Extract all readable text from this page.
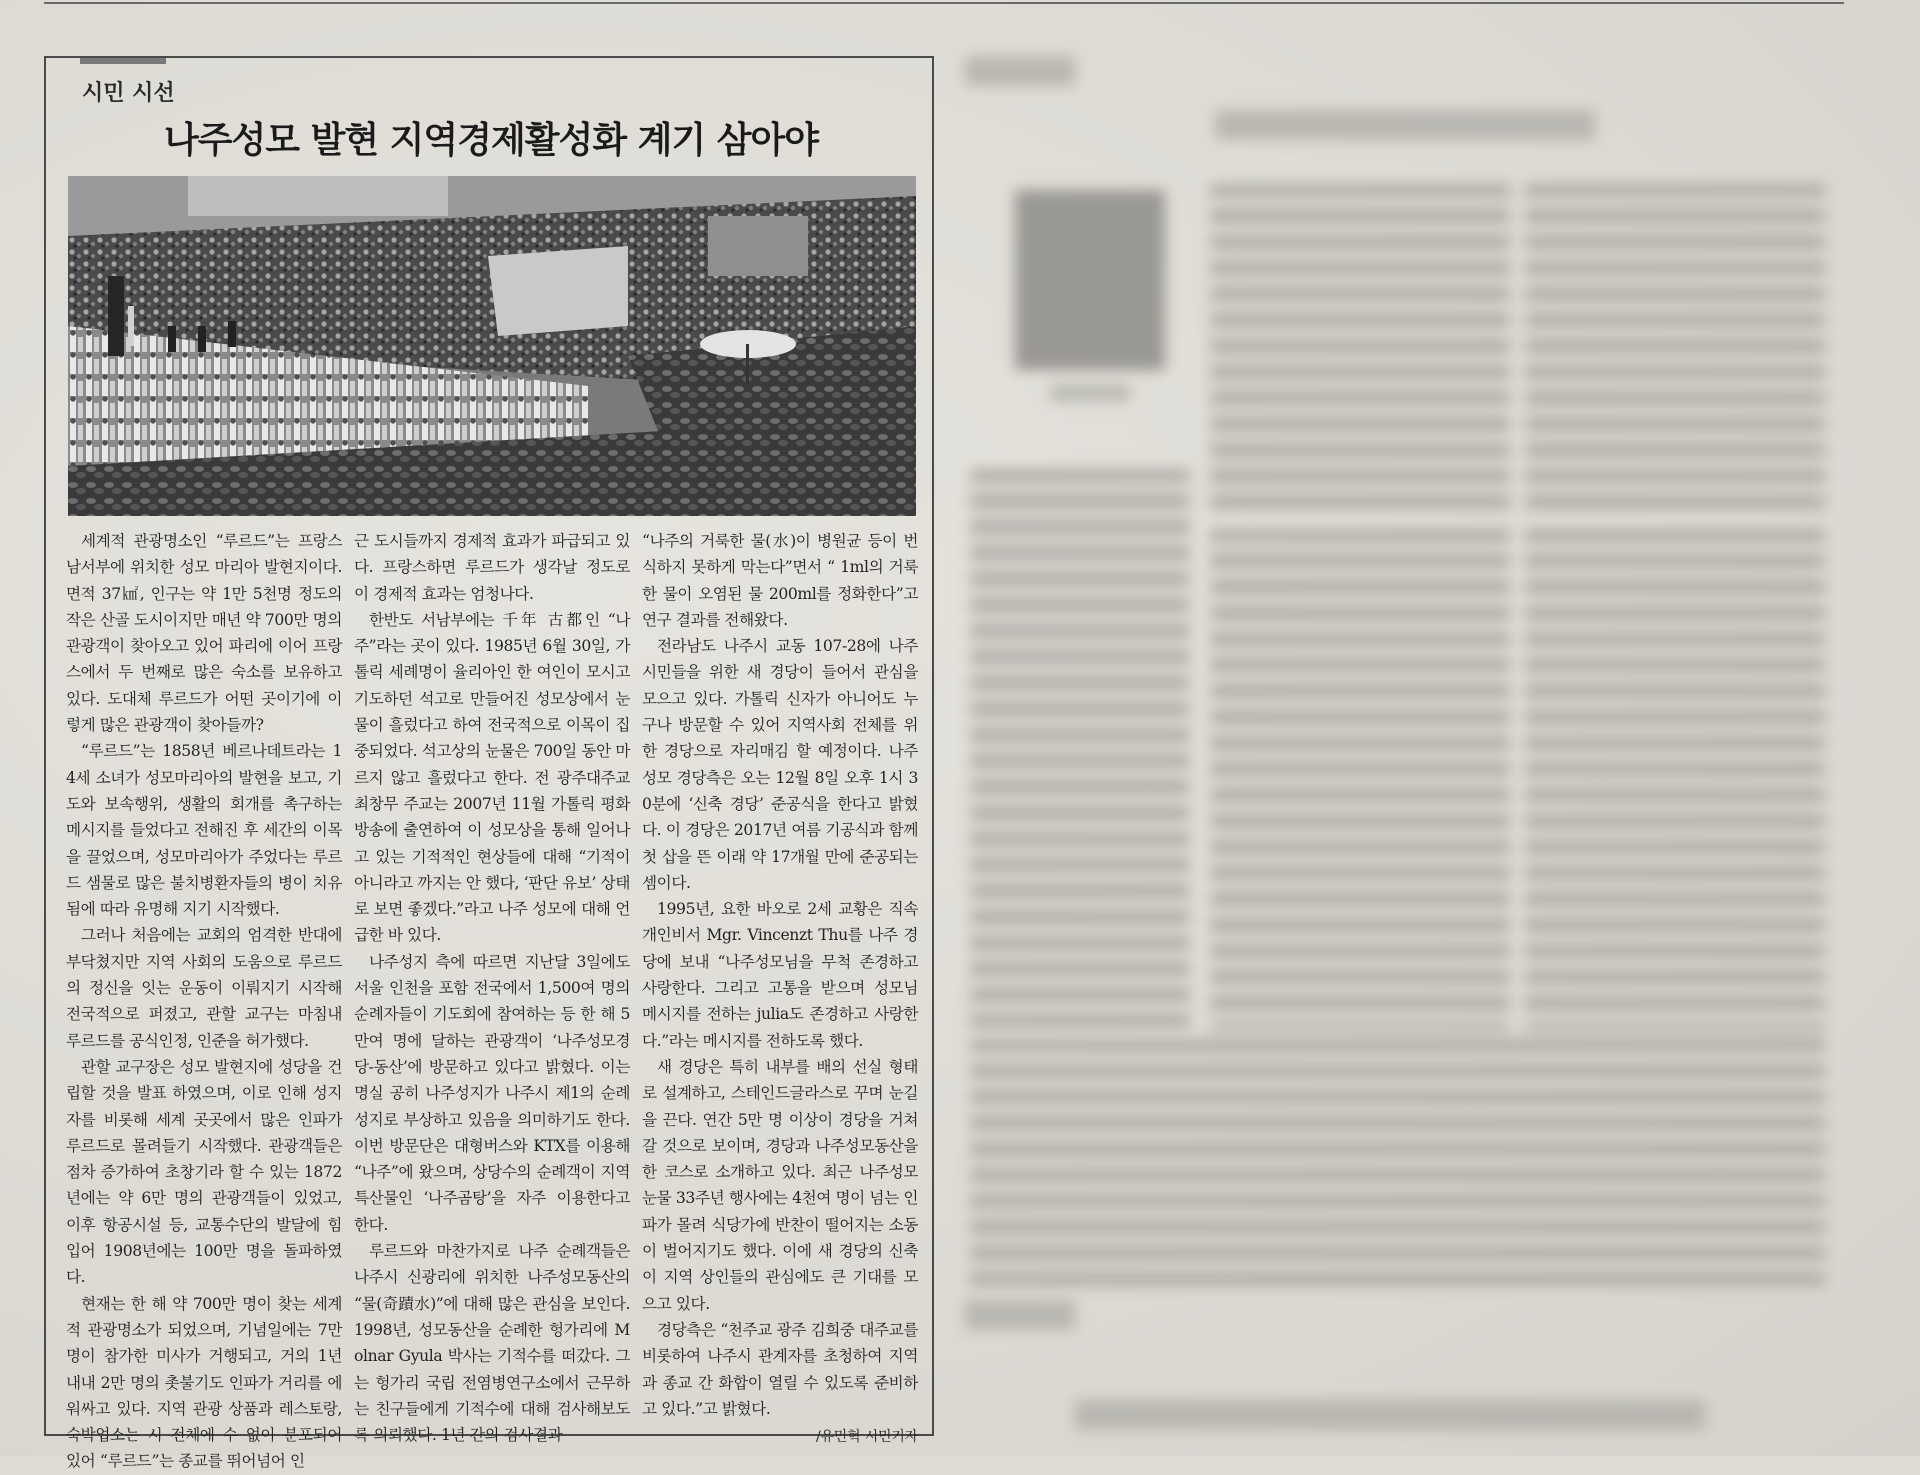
시민 시선
나주성모 발현 지역경제활성화 계기 삼아야

세계적 관광명소인 “루르드”는 프랑스 남서부에 위치한 성모 마리아 발현지이다. 면적 37㎢, 인구는 약 1만 5천명 정도의 작은 산골 도시이지만 매년 약 700만 명의 관광객이 찾아오고 있어 파리에 이어 프랑스에서 두 번째로 많은 숙소를 보유하고 있다. 도대체 루르드가 어떤 곳이기에 이렇게 많은 관광객이 찾아들까?

“루르드”는 1858년 베르나데트라는 14세 소녀가 성모마리아의 발현을 보고, 기도와 보속행위, 생활의 회개를 촉구하는 메시지를 들었다고 전해진 후 세간의 이목을 끌었으며, 성모마리아가 주었다는 루르드 샘물로 많은 불치병환자들의 병이 치유됨에 따라 유명해 지기 시작했다.

그러나 처음에는 교회의 엄격한 반대에 부닥쳤지만 지역 사회의 도움으로 루르드의 정신을 잇는 운동이 이뤄지기 시작해 전국적으로 퍼졌고, 관할 교구는 마침내 루르드를 공식인정, 인준을 허가했다.

관할 교구장은 성모 발현지에 성당을 건립할 것을 발표 하였으며, 이로 인해 성지자를 비롯해 세계 곳곳에서 많은 인파가 루르드로 몰려들기 시작했다. 관광객들은 점차 증가하여 초창기라 할 수 있는 1872년에는 약 6만 명의 관광객들이 있었고, 이후 항공시설 등, 교통수단의 발달에 힘입어 1908년에는 100만 명을 돌파하였다.

현재는 한 해 약 700만 명이 찾는 세계적 관광명소가 되었으며, 기념일에는 7만 명이 참가한 미사가 거행되고, 거의 1년 내내 2만 명의 촛불기도 인파가 거리를 에워싸고 있다. 지역 관광 상품과 레스토랑, 숙박업소는 시 전체에 수 없이 분포되어 있어 “루르드”는 종교를 뛰어넘어 인

근 도시들까지 경제적 효과가 파급되고 있다. 프랑스하면 루르드가 생각날 정도로 이 경제적 효과는 엄청나다.

한반도 서남부에는 千年 古都인 “나주”라는 곳이 있다. 1985년 6월 30일, 가톨릭 세례명이 율리아인 한 여인이 모시고 기도하던 석고로 만들어진 성모상에서 눈물이 흘렀다고 하여 전국적으로 이목이 집중되었다. 석고상의 눈물은 700일 동안 마르지 않고 흘렀다고 한다. 전 광주대주교 최창무 주교는 2007년 11월 가톨릭 평화방송에 출연하여 이 성모상을 통해 일어나고 있는 기적적인 현상들에 대해 “기적이 아니라고 까지는 안 했다, ‘판단 유보’ 상태로 보면 좋겠다.”라고 나주 성모에 대해 언급한 바 있다.

나주성지 측에 따르면 지난달 3일에도 서울 인천을 포함 전국에서 1,500여 명의 순례자들이 기도회에 참여하는 등 한 해 5만여 명에 달하는 관광객이 ‘나주성모경당-동산’에 방문하고 있다고 밝혔다. 이는 명실 공히 나주성지가 나주시 제1의 순례성지로 부상하고 있음을 의미하기도 한다. 이번 방문단은 대형버스와 KTX를 이용해 “나주”에 왔으며, 상당수의 순례객이 지역특산물인 ‘나주곰탕’을 자주 이용한다고 한다.

루르드와 마찬가지로 나주 순례객들은 나주시 신광리에 위치한 나주성모동산의 “물(奇蹟水)”에 대해 많은 관심을 보인다. 1998년, 성모동산을 순례한 헝가리에 Molnar Gyula 박사는 기적수를 떠갔다. 그는 헝가리 국립 전염병연구소에서 근무하는 친구들에게 기적수에 대해 검사해보도록 의뢰했다. 1년 간의 검사결과

“나주의 거룩한 물(水)이 병원균 등이 번식하지 못하게 막는다”면서 “ 1ml의 거룩한 물이 오염된 물 200ml를 정화한다”고 연구 결과를 전해왔다.

전라남도 나주시 교동 107-28에 나주시민들을 위한 새 경당이 들어서 관심을 모으고 있다. 가톨릭 신자가 아니어도 누구나 방문할 수 있어 지역사회 전체를 위한 경당으로 자리매김 할 예정이다. 나주성모 경당측은 오는 12월 8일 오후 1시 30분에 ‘신축 경당’ 준공식을 한다고 밝혔다. 이 경당은 2017년 여름 기공식과 함께 첫 삽을 뜬 이래 약 17개월 만에 준공되는 셈이다.

1995년, 요한 바오로 2세 교황은 직속 개인비서 Mgr. Vincenzt Thu를 나주 경당에 보내 “나주성모님을 무척 존경하고 사랑한다. 그리고 고통을 받으며 성모님 메시지를 전하는 julia도 존경하고 사랑한다.”라는 메시지를 전하도록 했다.

새 경당은 특히 내부를 배의 선실 형태로 설계하고, 스테인드글라스로 꾸며 눈길을 끈다. 연간 5만 명 이상이 경당을 거쳐 갈 것으로 보이며, 경당과 나주성모동산을 한 코스로 소개하고 있다. 최근 나주성모 눈물 33주년 행사에는 4천여 명이 넘는 인파가 몰려 식당가에 반찬이 떨어지는 소동이 벌어지기도 했다. 이에 새 경당의 신축이 지역 상인들의 관심에도 큰 기대를 모으고 있다.

경당측은 “천주교 광주 김희중 대주교를 비롯하여 나주시 관계자를 초청하여 지역과 종교 간 화합이 열릴 수 있도록 준비하고 있다.”고 밝혔다.

/유민혁 시민기자
